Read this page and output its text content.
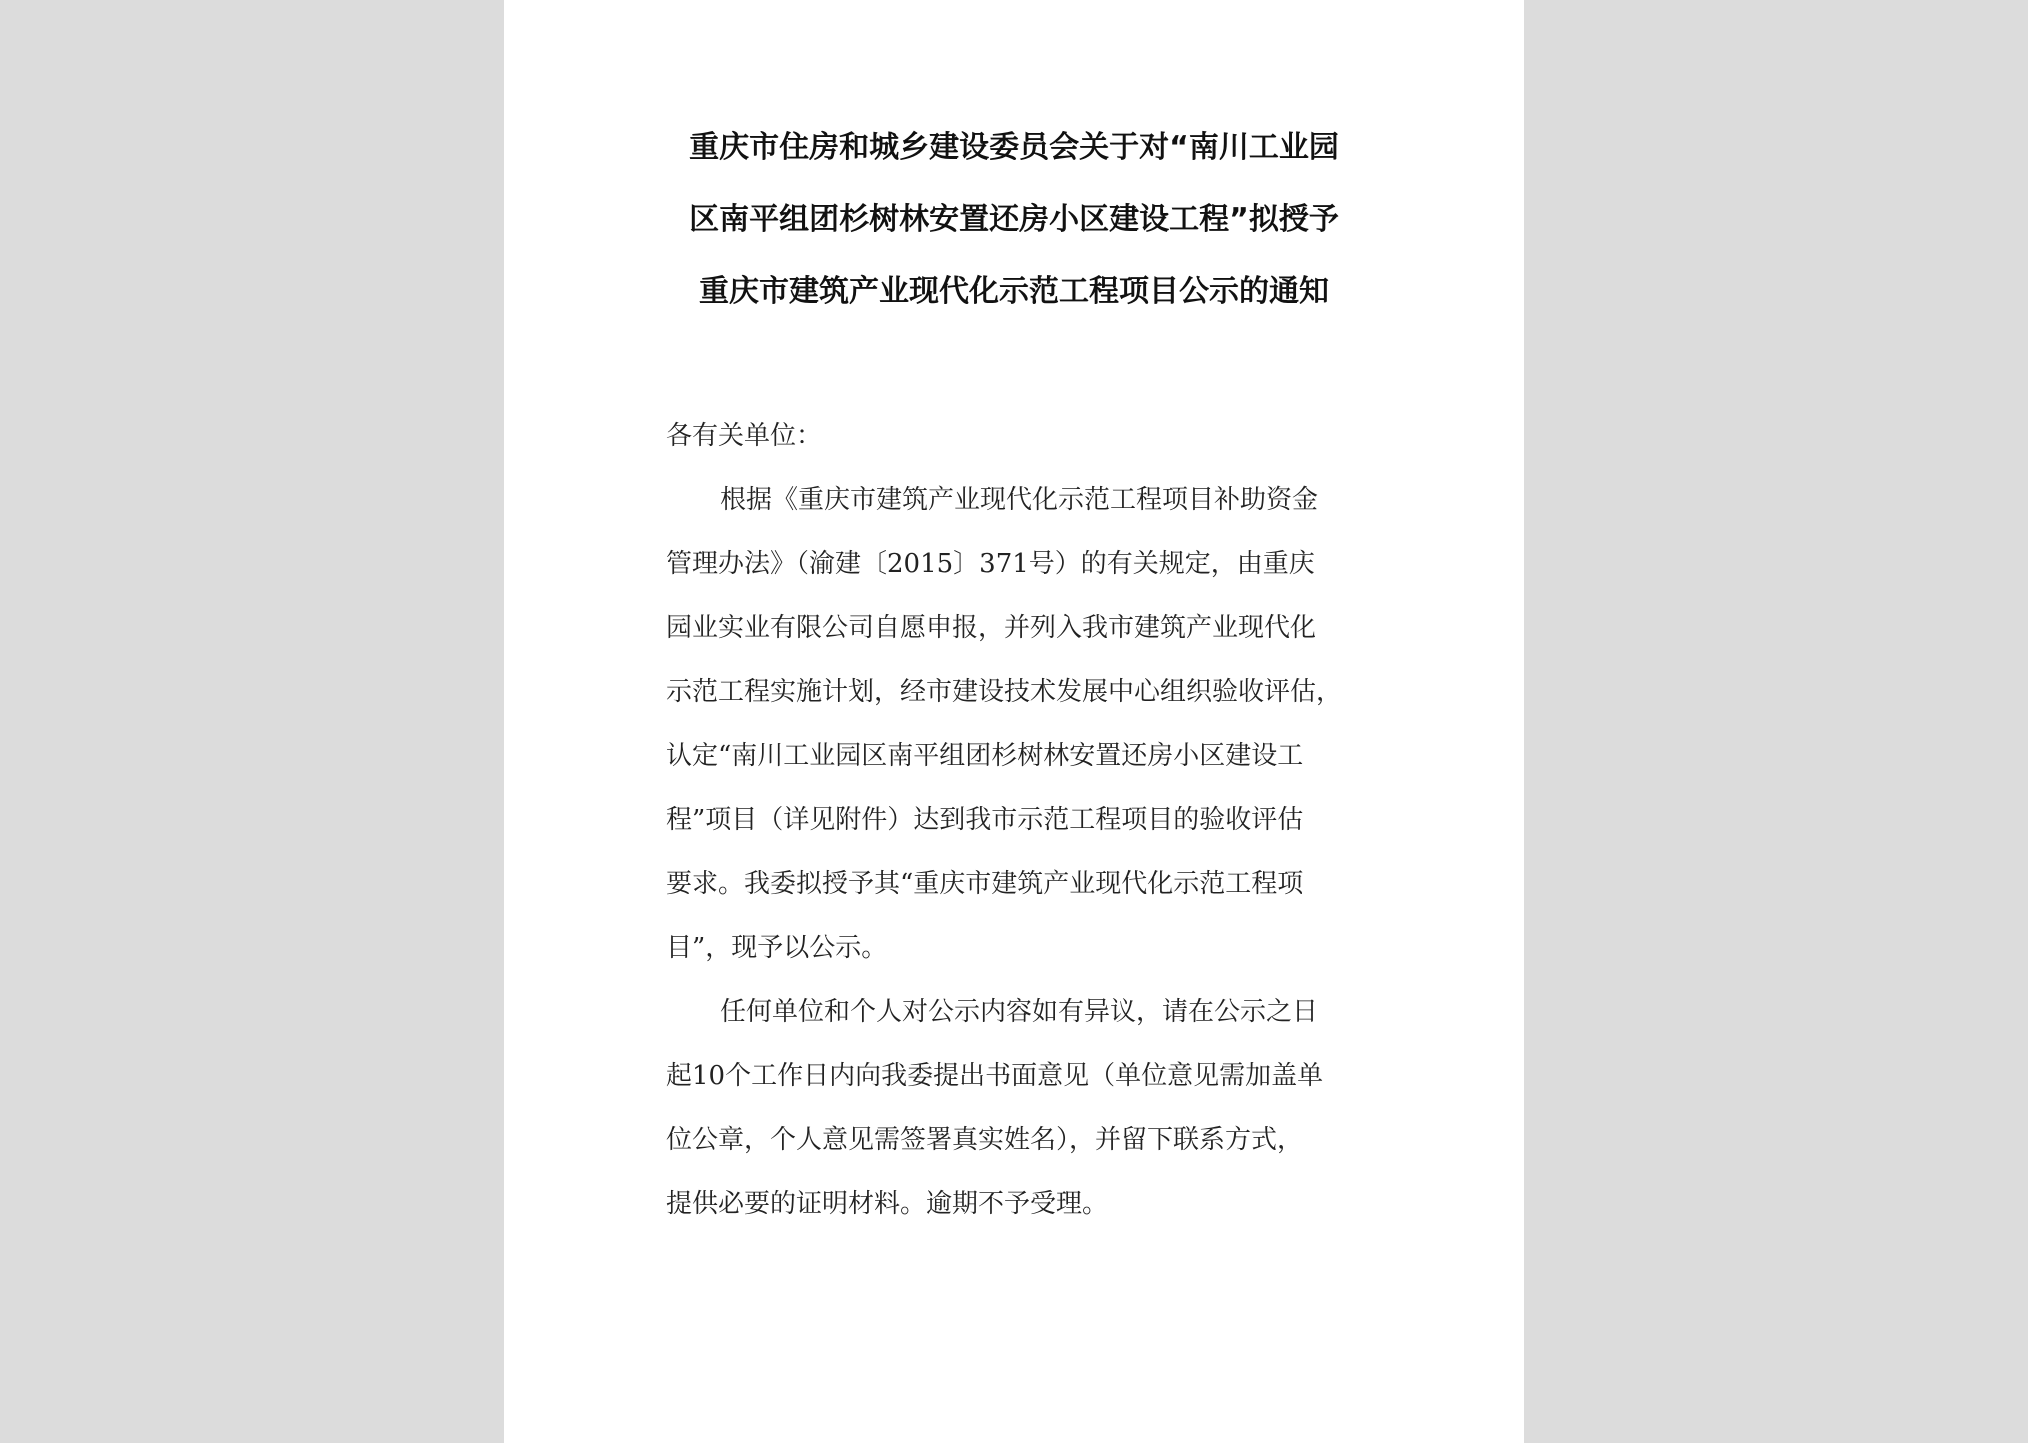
重庆市住房和城乡建设委员会关于对“南川工业园
区南平组团杉树林安置还房小区建设工程”拟授予
重庆市建筑产业现代化示范工程项目公示的通知
各有关单位：
根据《重庆市建筑产业现代化示范工程项目补助资金
管理办法》（渝建〔2015〕371号）的有关规定，由重庆
园业实业有限公司自愿申报，并列入我市建筑产业现代化
示范工程实施计划，经市建设技术发展中心组织验收评估，
认定“南川工业园区南平组团杉树林安置还房小区建设工
程”项目（详见附件）达到我市示范工程项目的验收评估
要求。我委拟授予其“重庆市建筑产业现代化示范工程项
目”，现予以公示。
任何单位和个人对公示内容如有异议，请在公示之日
起10个工作日内向我委提出书面意见（单位意见需加盖单
位公章，个人意见需签署真实姓名），并留下联系方式，
提供必要的证明材料。逾期不予受理。
